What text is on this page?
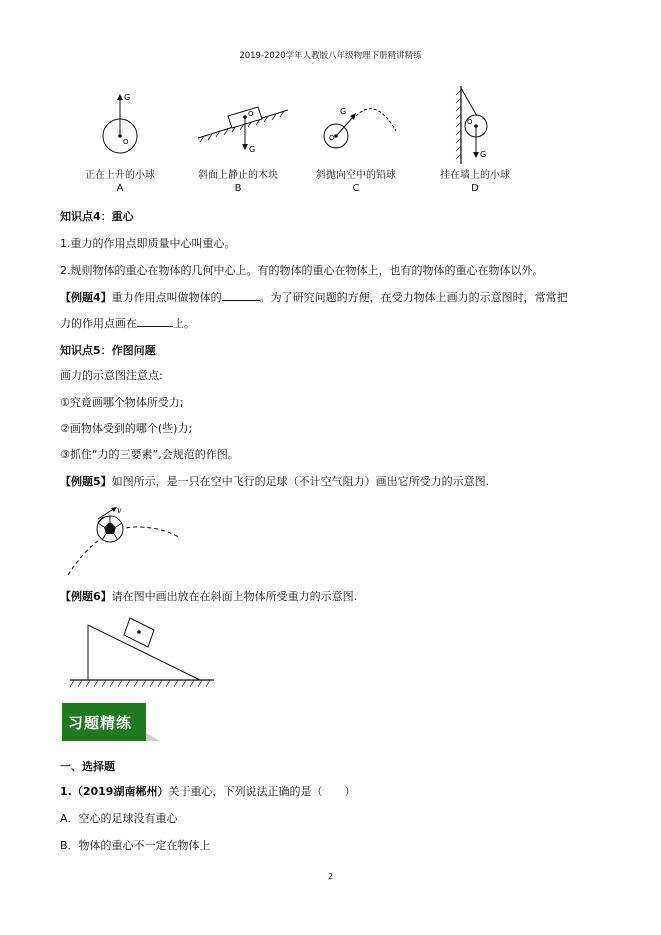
2019-2020学年人教版八年级物理下册精讲精练
G
O
正在上升的小球
A
O
G
斜面上静止的木块
B
G
O
斜抛向空中的铅球
C
O
G
挂在墙上的小球
D
知识点4：重心
1.重力的作用点即质量中心叫重心。
2.规则物体的重心在物体的几何中心上。有的物体的重心在物体上，也有的物体的重心在物体以外。
【例题4】重力作用点叫做物体的	。为了研究问题的方便，在受力物体上画力的示意图时，常常把
力的作用点画在	上。
知识点5：作图问题
画力的示意图注意点:
①究竟画哪个物体所受力;
②画物体受到的哪个(些)力;
③抓住“力的三要素”,会规范的作图。
【例题5】如图所示，是一只在空中飞行的足球（不计空气阻力）画出它所受力的示意图.
v
【例题6】请在图中画出放在在斜面上物体所受重力的示意图.
习题精练
一、选择题
1.（2019湖南郴州）关于重心，下列说法正确的是（　　）
A．空心的足球没有重心
B．物体的重心不一定在物体上
2
